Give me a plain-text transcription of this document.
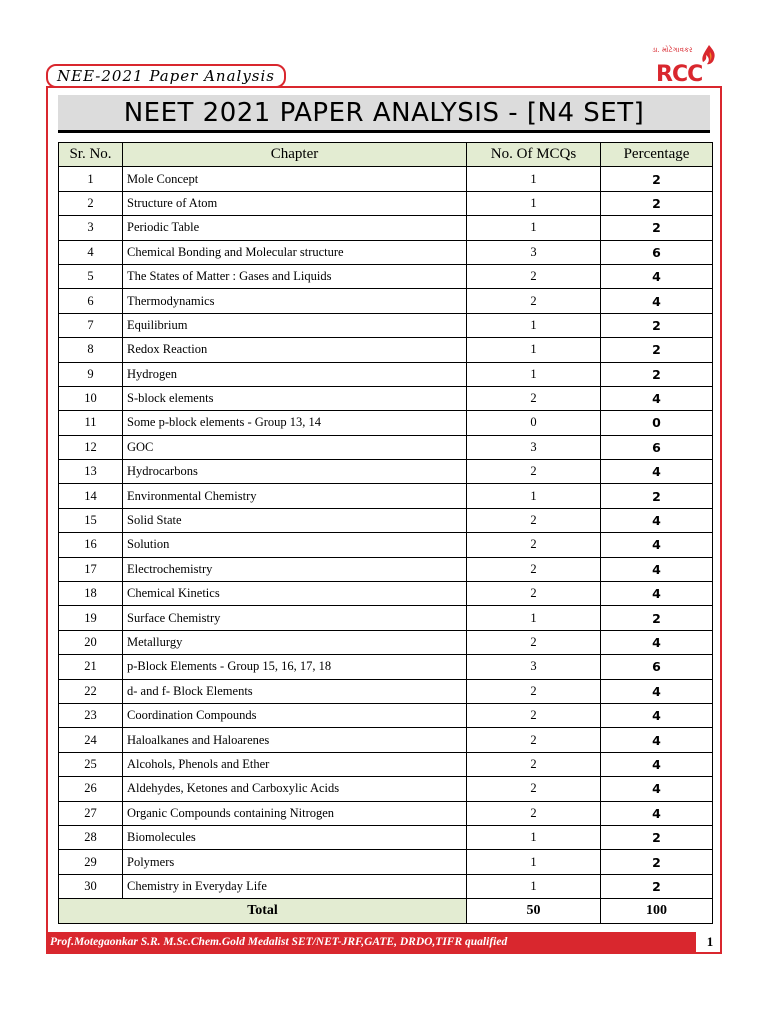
NEE-2021 Paper Analysis
ડા. મોટેગાવકર
RCC
NEET 2021 PAPER ANALYSIS - [N4 SET]
Sr. No.	Chapter	No. Of MCQs	Percentage
1	Mole Concept	1	2
2	Structure of Atom	1	2
3	Periodic Table	1	2
4	Chemical Bonding and Molecular structure	3	6
5	The States of Matter : Gases and Liquids	2	4
6	Thermodynamics	2	4
7	Equilibrium	1	2
8	Redox Reaction	1	2
9	Hydrogen	1	2
10	S-block elements	2	4
11	Some p-block elements - Group 13, 14	0	0
12	GOC	3	6
13	Hydrocarbons	2	4
14	Environmental Chemistry	1	2
15	Solid State	2	4
16	Solution	2	4
17	Electrochemistry	2	4
18	Chemical Kinetics	2	4
19	Surface Chemistry	1	2
20	Metallurgy	2	4
21	p-Block Elements - Group 15, 16, 17, 18	3	6
22	d- and f- Block Elements	2	4
23	Coordination Compounds	2	4
24	Haloalkanes and Haloarenes	2	4
25	Alcohols, Phenols and Ether	2	4
26	Aldehydes, Ketones and Carboxylic Acids	2	4
27	Organic Compounds containing Nitrogen	2	4
28	Biomolecules	1	2
29	Polymers	1	2
30	Chemistry in Everyday Life	1	2
Total		50	100
Prof.Motegaonkar S.R. M.Sc.Chem.Gold Medalist SET/NET-JRF,GATE, DRDO,TIFR qualified	1
